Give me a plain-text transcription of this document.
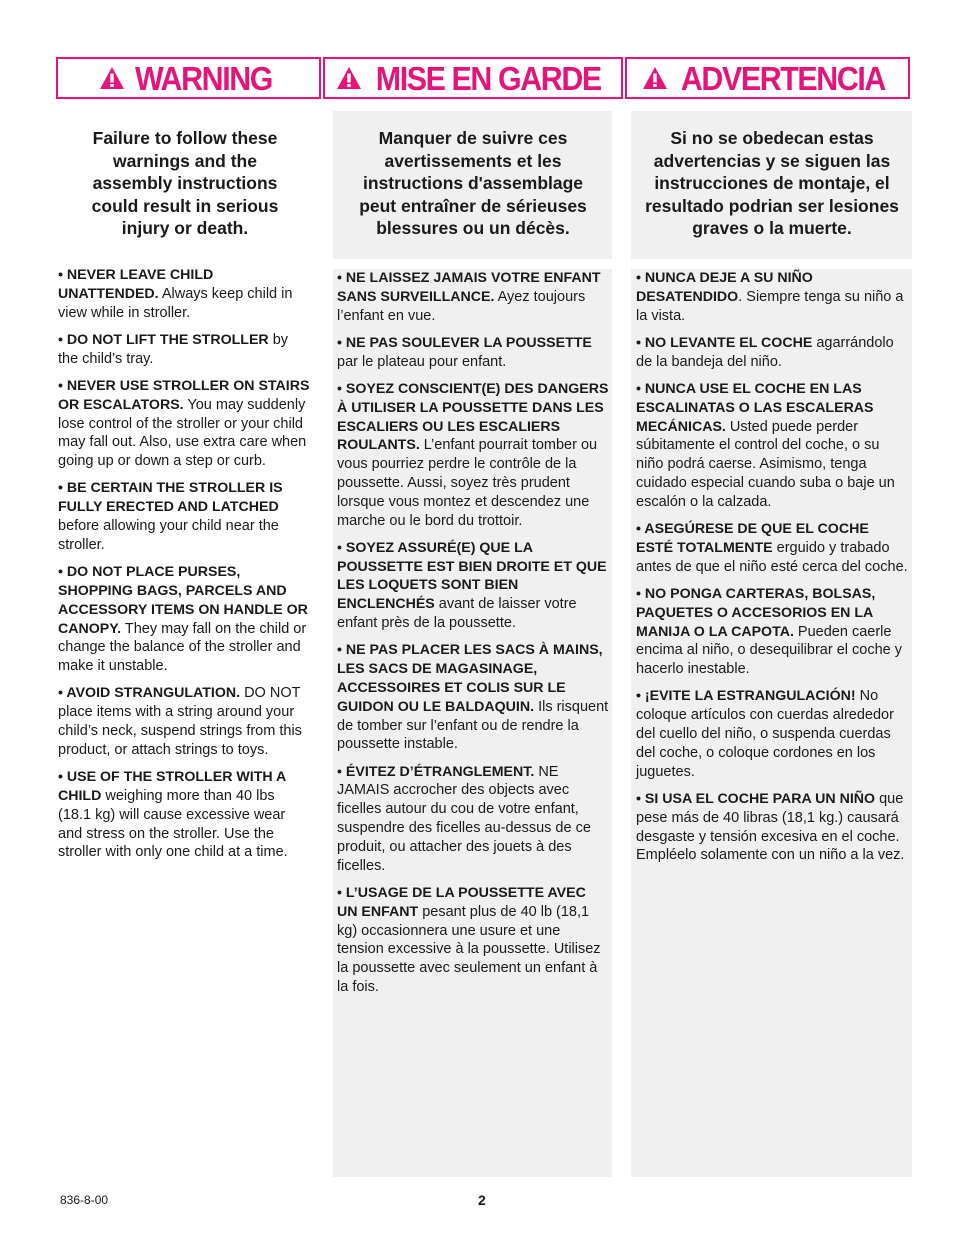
WARNING	MISE EN GARDE ADVERTENCIA
Failure to follow these warnings and the assembly instructions could result in serious injury or death.
Manquer de suivre ces avertissements et les instructions d'assemblage peut entraîner de sérieuses blessures ou un décès.
Si no se obedecan estas advertencias y se siguen las instrucciones de montaje, el resultado podrian ser lesiones graves o la muerte.

• NEVER LEAVE CHILD UNATTENDED. Always keep child in view while in stroller.

• DO NOT LIFT THE STROLLER by the child’s tray.

• NEVER USE STROLLER ON STAIRS OR ESCALATORS. You may suddenly lose control of the stroller or your child may fall out. Also, use extra care when going up or down a step or curb.

• BE CERTAIN THE STROLLER IS FULLY ERECTED AND LATCHED before allowing your child near the stroller.

• DO NOT PLACE PURSES, SHOPPING BAGS, PARCELS AND ACCESSORY ITEMS ON HANDLE OR CANOPY. They may fall on the child or change the balance of the stroller and make it unstable.

• AVOID STRANGULATION. DO NOT place items with a string around your child’s neck, suspend strings from this product, or attach strings to toys.

• USE OF THE STROLLER WITH A CHILD weighing more than 40 lbs (18.1 kg) will cause excessive wear and stress on the stroller. Use the stroller with only one child at a time.

• NE LAISSEZ JAMAIS VOTRE ENFANT SANS SURVEILLANCE. Ayez toujours l’enfant en vue.

• NE PAS SOULEVER LA POUSSETTE par le plateau pour enfant.

• SOYEZ CONSCIENT(E) DES DANGERS À UTILISER LA POUSSETTE DANS LES ESCALIERS OU LES ESCALIERS ROULANTS. L’enfant pourrait tomber ou vous pourriez perdre le contrôle de la poussette. Aussi, soyez très prudent lorsque vous montez et descendez une marche ou le bord du trottoir.

• SOYEZ ASSURÉ(E) QUE LA POUSSETTE EST BIEN DROITE ET QUE LES LOQUETS SONT BIEN ENCLENCHÉS avant de laisser votre enfant près de la poussette.

• NE PAS PLACER LES SACS À MAINS, LES SACS DE MAGASINAGE, ACCESSOIRES ET COLIS SUR LE GUIDON OU LE BALDAQUIN. Ils risquent de tomber sur l’enfant ou de rendre la poussette instable.

• ÉVITEZ D’ÉTRANGLEMENT. NE JAMAIS accrocher des objects avec ficelles autour du cou de votre enfant, suspendre des ficelles au-dessus de ce produit, ou attacher des jouets à des ficelles.

• L’USAGE DE LA POUSSETTE AVEC UN ENFANT pesant plus de 40 lb (18,1 kg) occasionnera une usure et une tension excessive à la poussette. Utilisez la poussette avec seulement un enfant à la fois.

• NUNCA DEJE A SU NIÑO DESATENDIDO. Siempre tenga su niño a la vista.

• NO LEVANTE EL COCHE agarrándolo de la bandeja del niño.

• NUNCA USE EL COCHE EN LAS ESCALINATAS O LAS ESCALERAS MECÁNICAS. Usted puede perder súbitamente el control del coche, o su niño podrá caerse. Asimismo, tenga cuidado especial cuando suba o baje un escalón o la calzada.

• ASEGÚRESE DE QUE EL COCHE ESTÉ TOTALMENTE erguido y trabado antes de que el niño esté cerca del coche.

• NO PONGA CARTERAS, BOLSAS, PAQUETES O ACCESORIOS EN LA MANIJA O LA CAPOTA. Pueden caerle encima al niño, o desequilibrar el coche y hacerlo inestable.

• ¡EVITE LA ESTRANGULACIÓN! No coloque artículos con cuerdas alrededor del cuello del niño, o suspenda cuerdas del coche, o coloque cordones en los juguetes.

• SI USA EL COCHE PARA UN NIÑO que pese más de 40 libras (18,1 kg.) causará desgaste y tensión excesiva en el coche. Empléelo solamente con un niño a la vez.

836-8-00	2
